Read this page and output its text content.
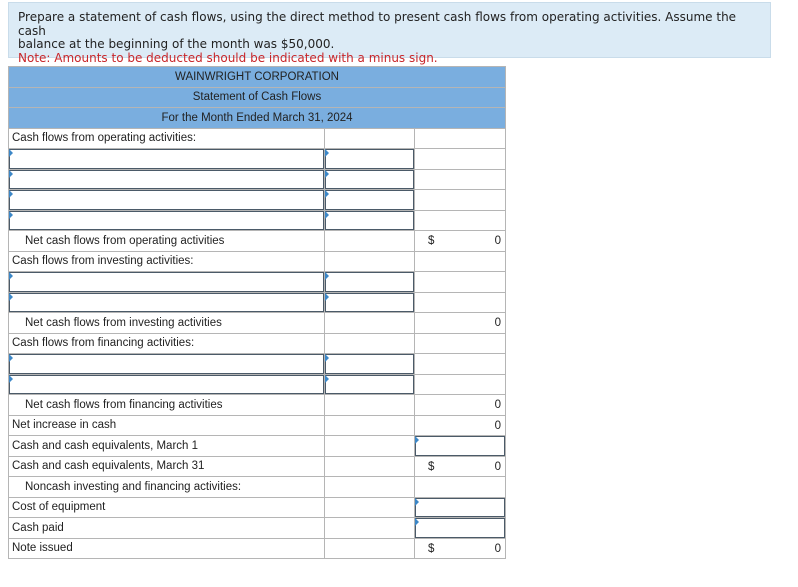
Prepare a statement of cash flows, using the direct method to present cash flows from operating activities. Assume the cash
balance at the beginning of the month was $50,000.
Note: Amounts to be deducted should be indicated with a minus sign.
WAINWRIGHT CORPORATION		
Statement of Cash Flows		
For the Month Ended March 31, 2024		
Cash flows from operating activities:		

Net cash flows from operating activities		$ 0

Cash flows from investing activities:		

Net cash flows from investing activities		0

Cash flows from financing activities:		

Net cash flows from financing activities		0

Net increase in cash		0

Cash and cash equivalents, March 1		
Cash and cash equivalents, March 31		$ 0

Noncash investing and financing activities:		
Cost of equipment		
Cash paid		
Note issued		$ 0
